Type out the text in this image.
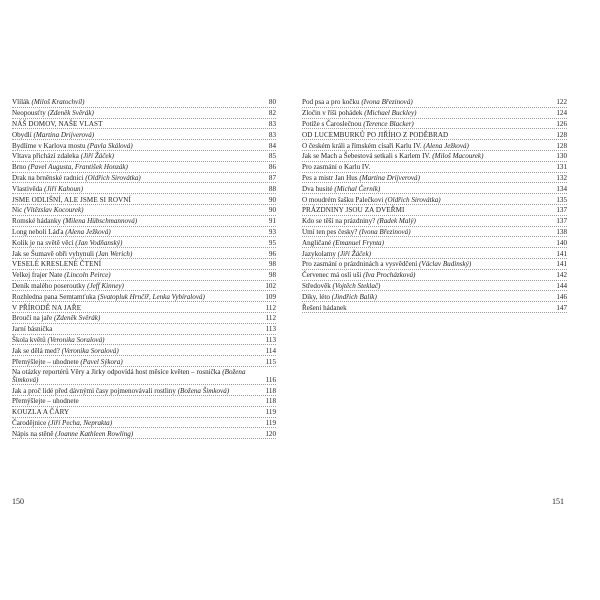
Vlílák (Miloš Kratochvíl)	80
Neopousťty (Zdeněk Svěrák)	82
NÁŠ DOMOV, NAŠE VLAST	83
Obydlí (Martina Drijverová)	83
Bydlíme v Karlova mostu (Pavla Skálová)	84
Vltava přichází zdaleka (Jiří Žáček)	85
Brno (Pavel Augusta, František Honzák)	86
Drak na brněnské radnici (Oldřich Sirovátka)	87
Vlastivěda (Jiří Kahoun)	88
JSME ODLIŠNÍ, ALE JSME SI ROVNÍ	90
Nic (Vítězslav Kocourek)	90
Romské hádanky (Milena Hübschmannová)	91
Long neboli Láďa (Alena Ježková)	93
Kolik je na světě věcí (Jan Vodňanský)	95
Jak se Šumavě obři vyhynuli (Jan Werich)	96
VESELÉ KRESLENÉ ČTENÍ	98
Velkej frajer Nate (Lincoln Peirce)	98
Deník malého poseroutky (Jeff Kinney)	102
Rozhledna pana Semtamťuka (Svatopluk Hrnčíř, Lenka Vybíralová)	109
V PŘÍRODĚ NA JAŘE	112
Broučí na jaře (Zdeněk Svěrák)	112
Jarní básnička	113
Škola květů (Veronika Soralová)	113
Jak se dělá med? (Veronika Soralová)	114
Přemýšlejte – uhodnete (Pavel Sýkora)	115
Na otázky reportérů Věry a Jirky odpovídá host měsíce květen – rosnička (Božena Šimková)	116
Jak a proč lidé před dávnými časy pojmenovávali rostliny (Božena Šimková)	118
Přemýšlejte – uhodnete	118
KOUZLA A ČÁRY	119
Čarodějnice (Jiří Pecha, Neprakta)	119
Nápis na stěně (Joanne Kathleen Rowling)	120
Pod psa a pro kočku (Ivona Březinová)	122
Zločin v říši pohádek (Michael Buckley)	124
Potíže s Čaroslečnou (Terence Blacker)	126
OD LUCEMBURKŮ PO JIŘÍHO Z PODĚBRAD	128
O českém králi a římském císaři Karlu IV. (Alena Ježková)	128
Jak se Mach a Šebestová setkali s Karlem IV. (Miloš Macourek)	130
Pro zasmání o Karlu IV.	131
Pes a mistr Jan Hus (Martina Drijverová)	132
Dva husité (Michal Černík)	134
O moudrém šašku Palečkovi (Oldřich Sirovátka)	135
PRÁZDNINY JSOU ZA DVEŘMI	137
Kdo se těší na prázdniny? (Radek Malý)	137
Umí ten pes česky? (Ivona Březinová)	138
Angličané (Emanuel Frynta)	140
Jazykolamy (Jiří Žáček)	141
Pro zasmání o prázdninách a vysvědčení (Václav Budinský)	141
Červenec má oslí uši (Iva Procházková)	142
Středověk (Vojtěch Steklač)	144
Díky, léto (Jindřich Balík)	146
Řešení hádanek	147
150	151
